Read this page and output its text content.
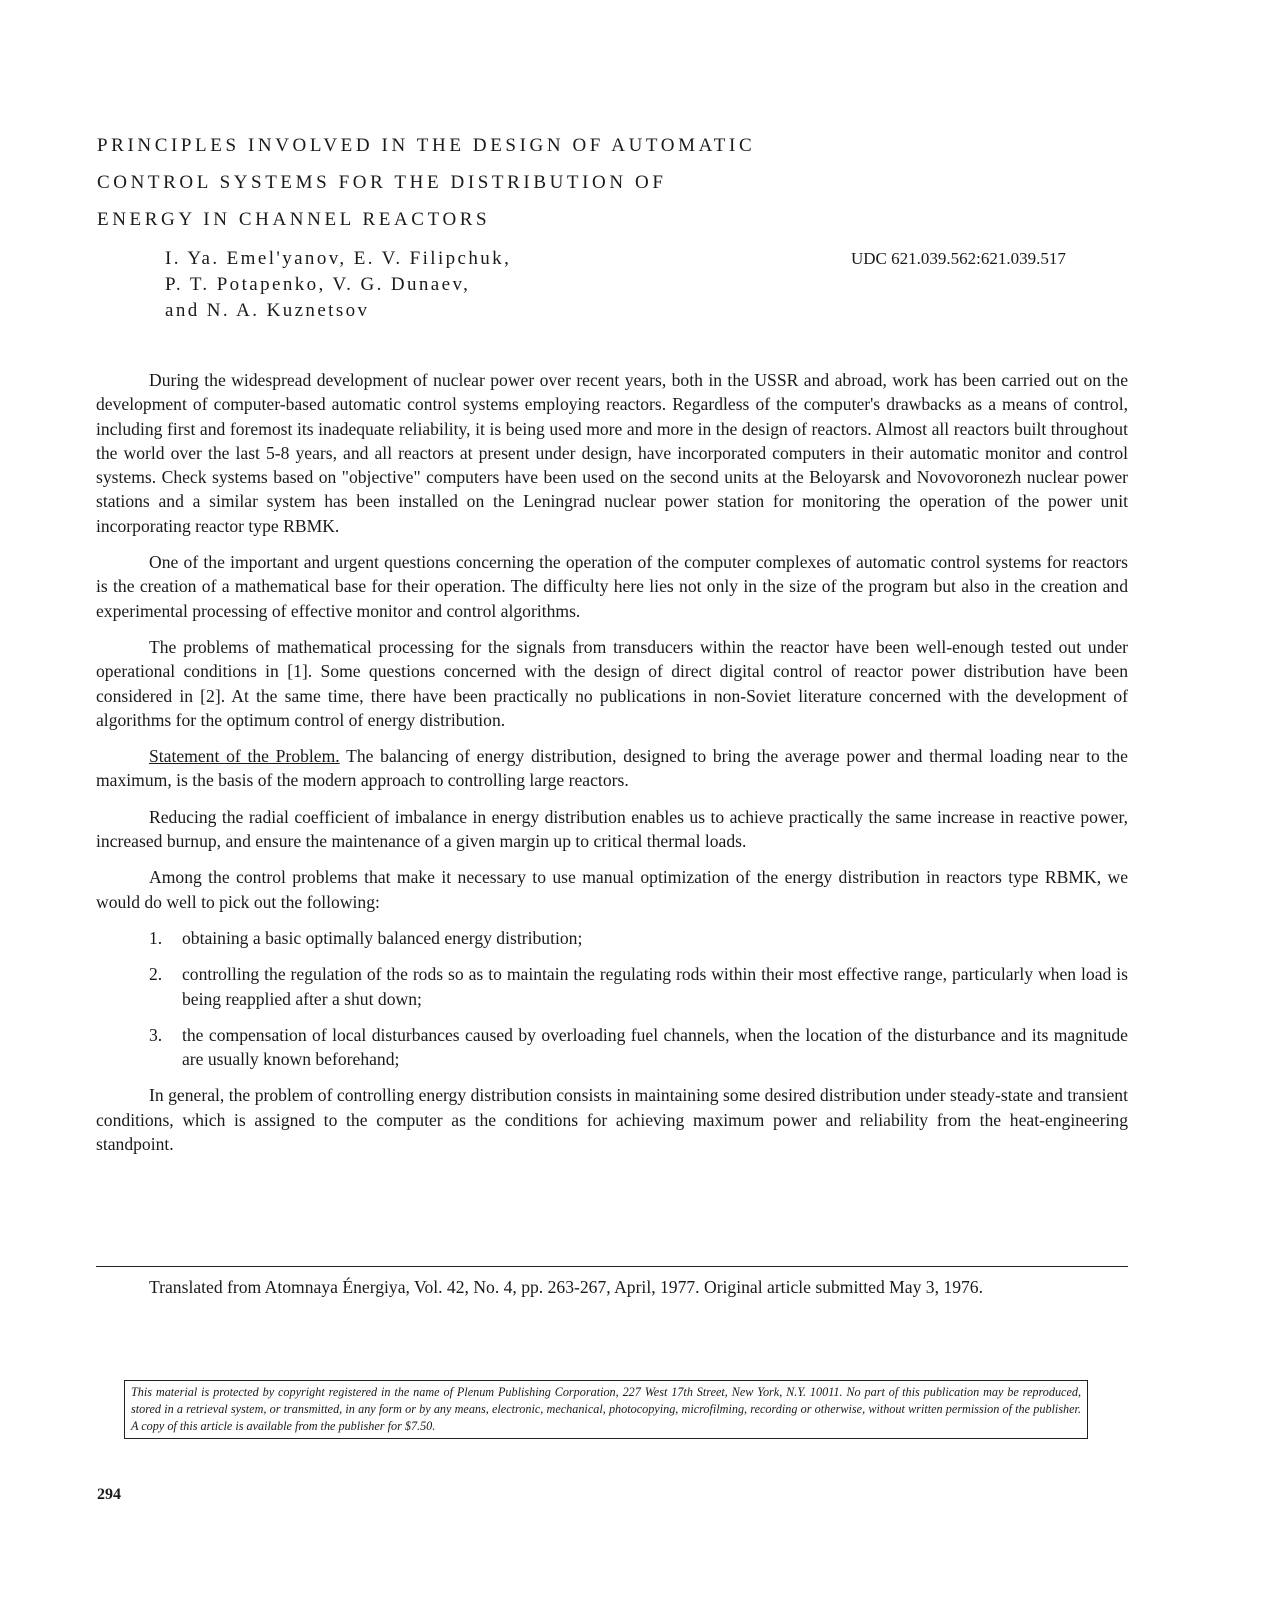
PRINCIPLES INVOLVED IN THE DESIGN OF AUTOMATIC
CONTROL SYSTEMS FOR THE DISTRIBUTION OF
ENERGY IN CHANNEL REACTORS
I. Ya. Emel'yanov, E. V. Filipchuk,
P. T. Potapenko, V. G. Dunaev,
and N. A. Kuznetsov
UDC 621.039.562:621.039.517

During the widespread development of nuclear power over recent years, both in the USSR and abroad, work has been carried out on the development of computer-based automatic control systems employing reactors. Regardless of the computer's drawbacks as a means of control, including first and foremost its inadequate reliability, it is being used more and more in the design of reactors. Almost all reactors built throughout the world over the last 5-8 years, and all reactors at present under design, have incorporated computers in their automatic monitor and control systems. Check systems based on "objective" computers have been used on the second units at the Beloyarsk and Novovoronezh nuclear power stations and a similar system has been installed on the Leningrad nuclear power station for monitoring the operation of the power unit incorporating reactor type RBMK.

One of the important and urgent questions concerning the operation of the computer complexes of automatic control systems for reactors is the creation of a mathematical base for their operation. The difficulty here lies not only in the size of the program but also in the creation and experimental processing of effective monitor and control algorithms.

The problems of mathematical processing for the signals from transducers within the reactor have been well-enough tested out under operational conditions in [1]. Some questions concerned with the design of direct digital control of reactor power distribution have been considered in [2]. At the same time, there have been practically no publications in non-Soviet literature concerned with the development of algorithms for the optimum control of energy distribution.

Statement of the Problem. The balancing of energy distribution, designed to bring the average power and thermal loading near to the maximum, is the basis of the modern approach to controlling large reactors.

Reducing the radial coefficient of imbalance in energy distribution enables us to achieve practically the same increase in reactive power, increased burnup, and ensure the maintenance of a given margin up to critical thermal loads.

Among the control problems that make it necessary to use manual optimization of the energy distribution in reactors type RBMK, we would do well to pick out the following:

1. obtaining a basic optimally balanced energy distribution;
2. controlling the regulation of the rods so as to maintain the regulating rods within their most effective range, particularly when load is being reapplied after a shut down;
3. the compensation of local disturbances caused by overloading fuel channels, when the location of the disturbance and its magnitude are usually known beforehand;

In general, the problem of controlling energy distribution consists in maintaining some desired distribution under steady-state and transient conditions, which is assigned to the computer as the conditions for achieving maximum power and reliability from the heat-engineering standpoint.

Translated from Atomnaya Énergiya, Vol. 42, No. 4, pp. 263-267, April, 1977. Original article submitted May 3, 1976.

This material is protected by copyright registered in the name of Plenum Publishing Corporation, 227 West 17th Street, New York, N.Y. 10011. No part of this publication may be reproduced, stored in a retrieval system, or transmitted, in any form or by any means, electronic, mechanical, photocopying, microfilming, recording or otherwise, without written permission of the publisher. A copy of this article is available from the publisher for $7.50.
294
